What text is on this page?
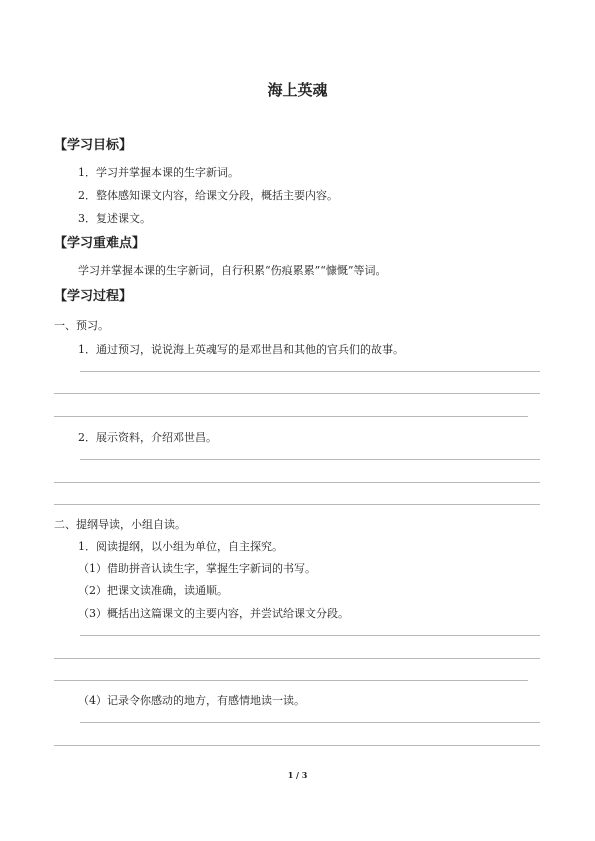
海上英魂
【学习目标】
1．学习并掌握本课的生字新词。
2．整体感知课文内容，给课文分段，概括主要内容。
3．复述课文。
【学习重难点】
学习并掌握本课的生字新词，自行积累“伤痕累累”“慷慨”等词。
【学习过程】
一、预习。
1．通过预习，说说海上英魂写的是邓世昌和其他的官兵们的故事。
2．展示资料，介绍邓世昌。
二、提纲导读，小组自读。
1．阅读提纲，以小组为单位，自主探究。
（1）借助拼音认读生字，掌握生字新词的书写。
（2）把课文读准确，读通顺。
（3）概括出这篇课文的主要内容，并尝试给课文分段。
（4）记录令你感动的地方，有感情地读一读。
1 / 3
